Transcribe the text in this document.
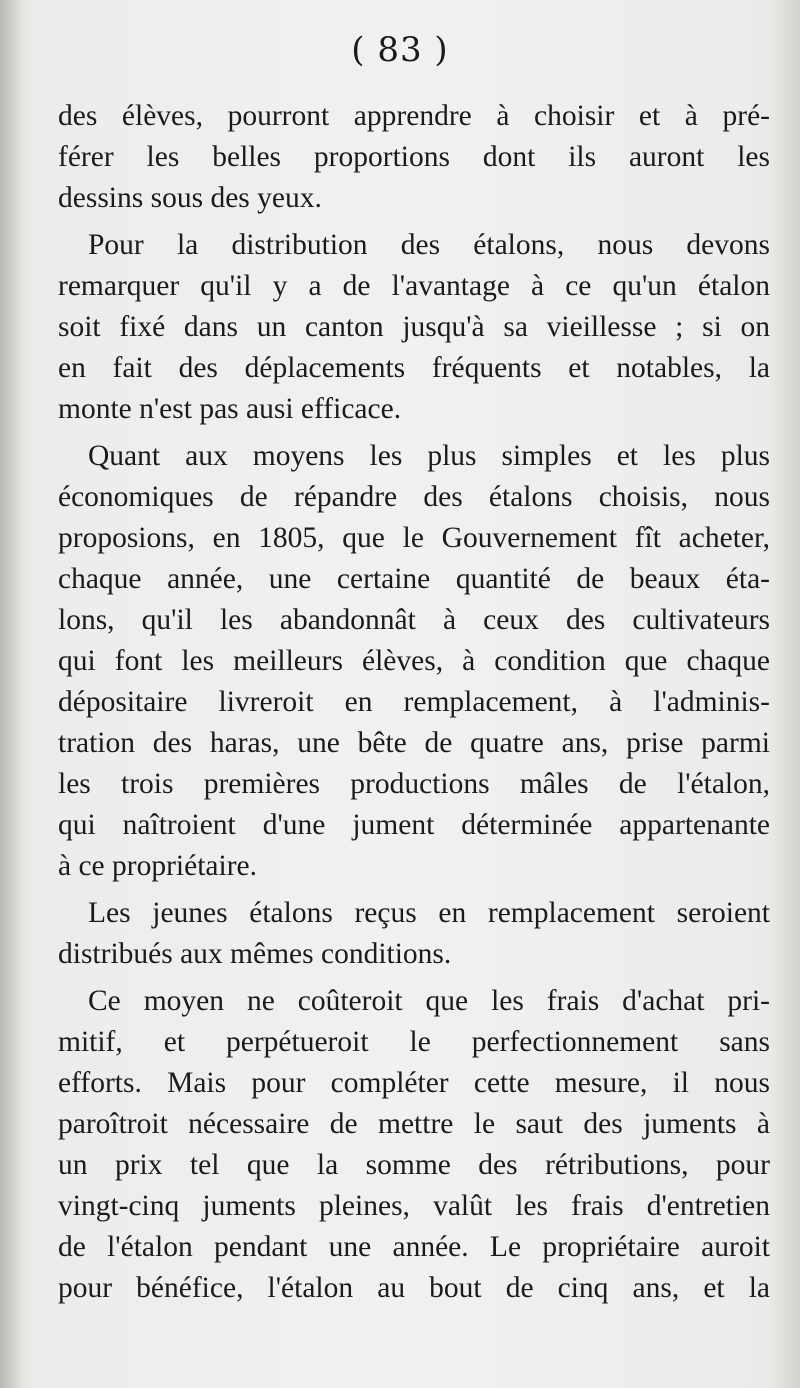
( 83 )
des élèves, pourront apprendre à choisir et à pré-
férer les belles proportions dont ils auront les
dessins sous des yeux.
Pour la distribution des étalons, nous devons
remarquer qu'il y a de l'avantage à ce qu'un étalon
soit fixé dans un canton jusqu'à sa vieillesse ; si on
en fait des déplacements fréquents et notables, la
monte n'est pas ausi efficace.
Quant aux moyens les plus simples et les plus
économiques de répandre des étalons choisis, nous
proposions, en 1805, que le Gouvernement fît acheter,
chaque année, une certaine quantité de beaux éta-
lons, qu'il les abandonnât à ceux des cultivateurs
qui font les meilleurs élèves, à condition que chaque
dépositaire livreroit en remplacement, à l'adminis-
tration des haras, une bête de quatre ans, prise parmi
les trois premières productions mâles de l'étalon,
qui naîtroient d'une jument déterminée appartenante
à ce propriétaire.
Les jeunes étalons reçus en remplacement seroient
distribués aux mêmes conditions.
Ce moyen ne coûteroit que les frais d'achat pri-
mitif, et perpétueroit le perfectionnement sans
efforts. Mais pour compléter cette mesure, il nous
paroîtroit nécessaire de mettre le saut des juments à
un prix tel que la somme des rétributions, pour
vingt-cinq juments pleines, valût les frais d'entretien
de l'étalon pendant une année. Le propriétaire auroit
pour bénéfice, l'étalon au bout de cinq ans, et la
